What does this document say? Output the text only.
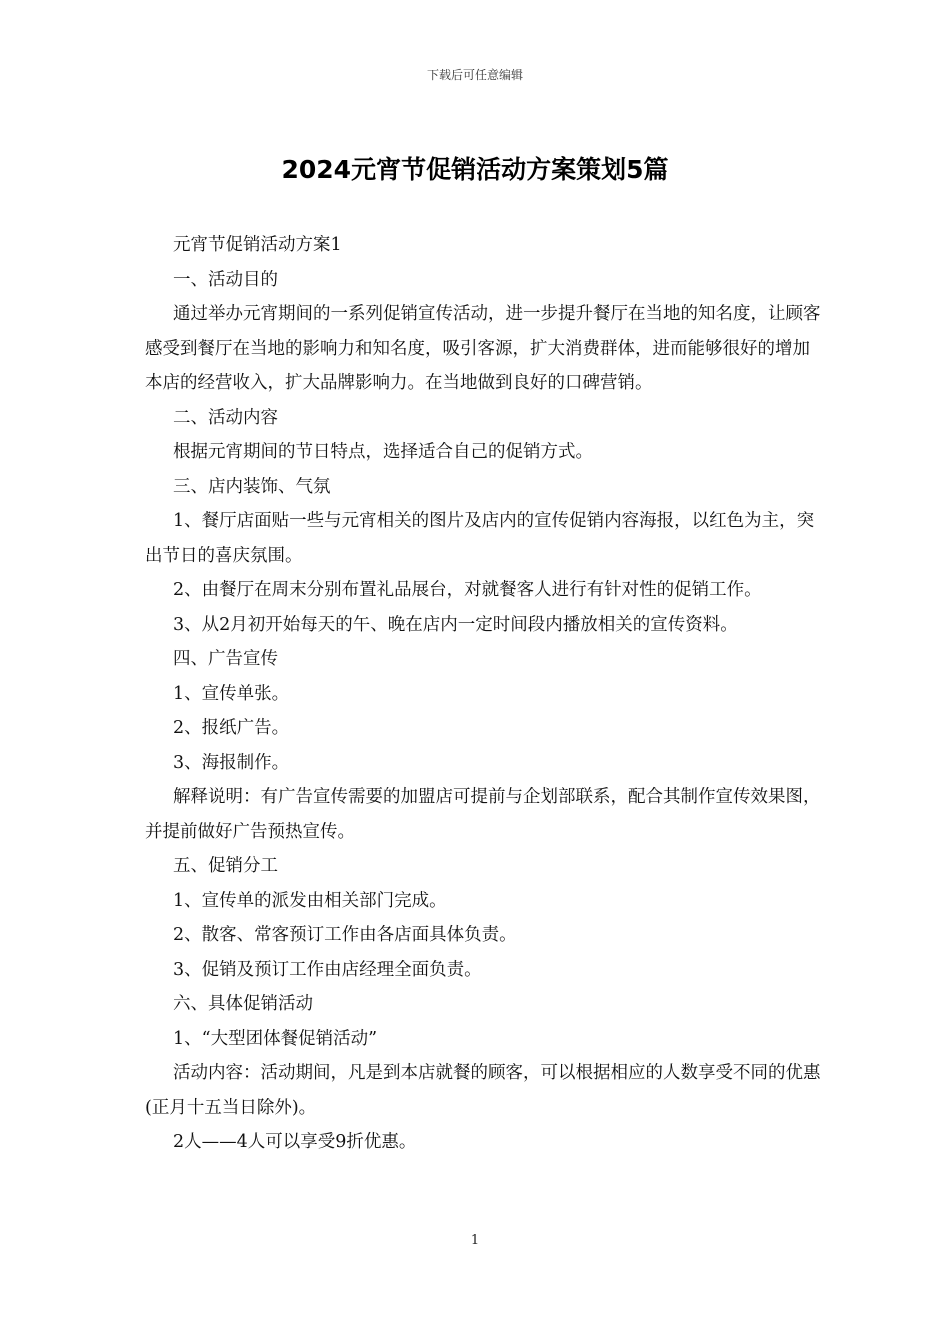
下载后可任意编辑
2024元宵节促销活动方案策划5篇

元宵节促销活动方案1

一、活动目的

通过举办元宵期间的一系列促销宣传活动，进一步提升餐厅在当地的知名度，让顾客感受到餐厅在当地的影响力和知名度，吸引客源，扩大消费群体，进而能够很好的增加本店的经营收入，扩大品牌影响力。在当地做到良好的口碑营销。

二、活动内容

根据元宵期间的节日特点，选择适合自己的促销方式。

三、店内装饰、气氛

1、餐厅店面贴一些与元宵相关的图片及店内的宣传促销内容海报，以红色为主，突出节日的喜庆氛围。

2、由餐厅在周末分别布置礼品展台，对就餐客人进行有针对性的促销工作。

3、从2月初开始每天的午、晚在店内一定时间段内播放相关的宣传资料。

四、广告宣传

1、宣传单张。

2、报纸广告。

3、海报制作。

解释说明：有广告宣传需要的加盟店可提前与企划部联系，配合其制作宣传效果图，并提前做好广告预热宣传。

五、促销分工

1、宣传单的派发由相关部门完成。

2、散客、常客预订工作由各店面具体负责。

3、促销及预订工作由店经理全面负责。

六、具体促销活动

1、“大型团体餐促销活动”

活动内容：活动期间，凡是到本店就餐的顾客，可以根据相应的人数享受不同的优惠(正月十五当日除外)。

2人——4人可以享受9折优惠。

1
